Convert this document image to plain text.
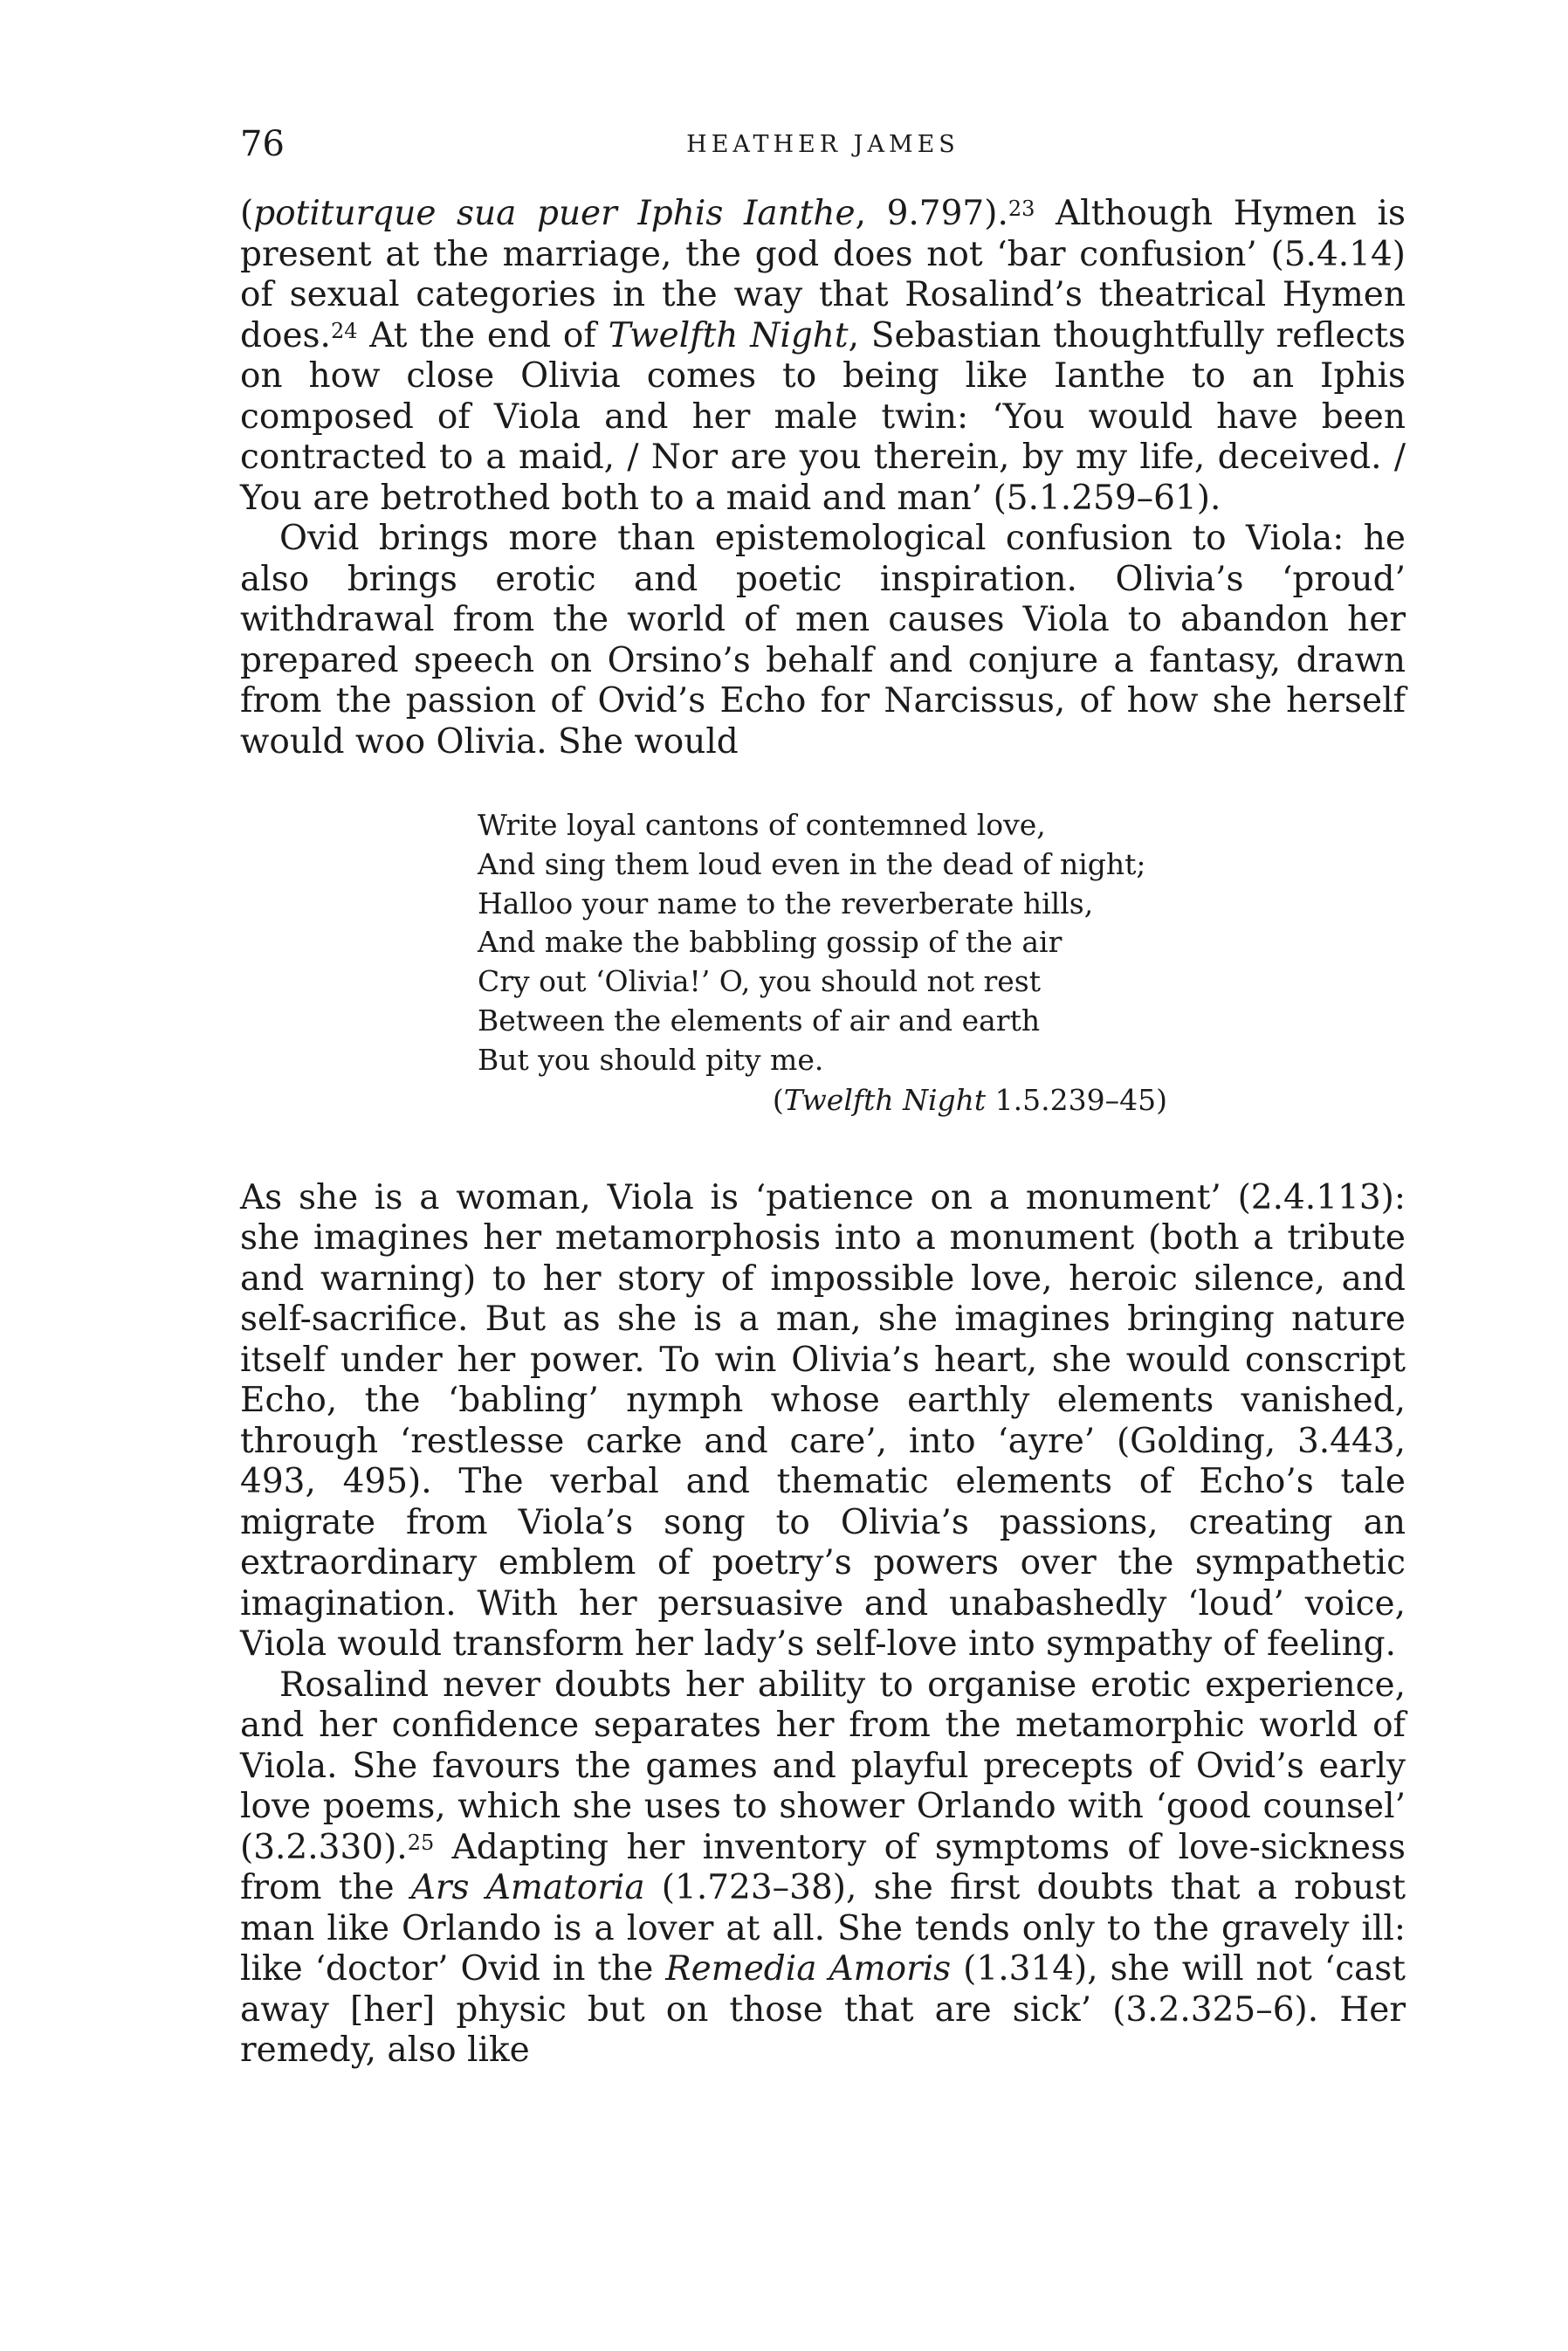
76	HEATHER JAMES

(potiturque sua puer Iphis Ianthe, 9.797).$^{23}$ Although Hymen is present at the marriage, the god does not ‘bar confusion’ (5.4.14) of sexual categories in the way that Rosalind’s theatrical Hymen does.$^{24}$ At the end of Twelfth Night, Sebastian thoughtfully reflects on how close Olivia comes to being like Ianthe to an Iphis composed of Viola and her male twin: ‘You would have been contracted to a maid, / Nor are you therein, by my life, deceived. / You are betrothed both to a maid and man’ (5.1.259–61).

Ovid brings more than epistemological confusion to Viola: he also brings erotic and poetic inspiration. Olivia’s ‘proud’ withdrawal from the world of men causes Viola to abandon her prepared speech on Orsino’s behalf and conjure a fantasy, drawn from the passion of Ovid’s Echo for Narcissus, of how she herself would woo Olivia. She would

Write loyal cantons of contemned love,
And sing them loud even in the dead of night;
Halloo your name to the reverberate hills,
And make the babbling gossip of the air
Cry out ‘Olivia!’ O, you should not rest
Between the elements of air and earth
But you should pity me.
(Twelfth Night 1.5.239–45)

As she is a woman, Viola is ‘patience on a monument’ (2.4.113): she imagines her metamorphosis into a monument (both a tribute and warning) to her story of impossible love, heroic silence, and self-sacrifice. But as she is a man, she imagines bringing nature itself under her power. To win Olivia’s heart, she would conscript Echo, the ‘babling’ nymph whose earthly elements vanished, through ‘restlesse carke and care’, into ‘ayre’ (Golding, 3.443, 493, 495). The verbal and thematic elements of Echo’s tale migrate from Viola’s song to Olivia’s passions, creating an extraordinary emblem of poetry’s powers over the sympathetic imagination. With her persuasive and unabashedly ‘loud’ voice, Viola would transform her lady’s self-love into sympathy of feeling.

Rosalind never doubts her ability to organise erotic experience, and her confidence separates her from the metamorphic world of Viola. She favours the games and playful precepts of Ovid’s early love poems, which she uses to shower Orlando with ‘good counsel’ (3.2.330).$^{25}$ Adapting her inventory of symptoms of love-sickness from the Ars Amatoria (1.723–38), she first doubts that a robust man like Orlando is a lover at all. She tends only to the gravely ill: like ‘doctor’ Ovid in the Remedia Amoris (1.314), she will not ‘cast away [her] physic but on those that are sick’ (3.2.325–6). Her remedy, also like
